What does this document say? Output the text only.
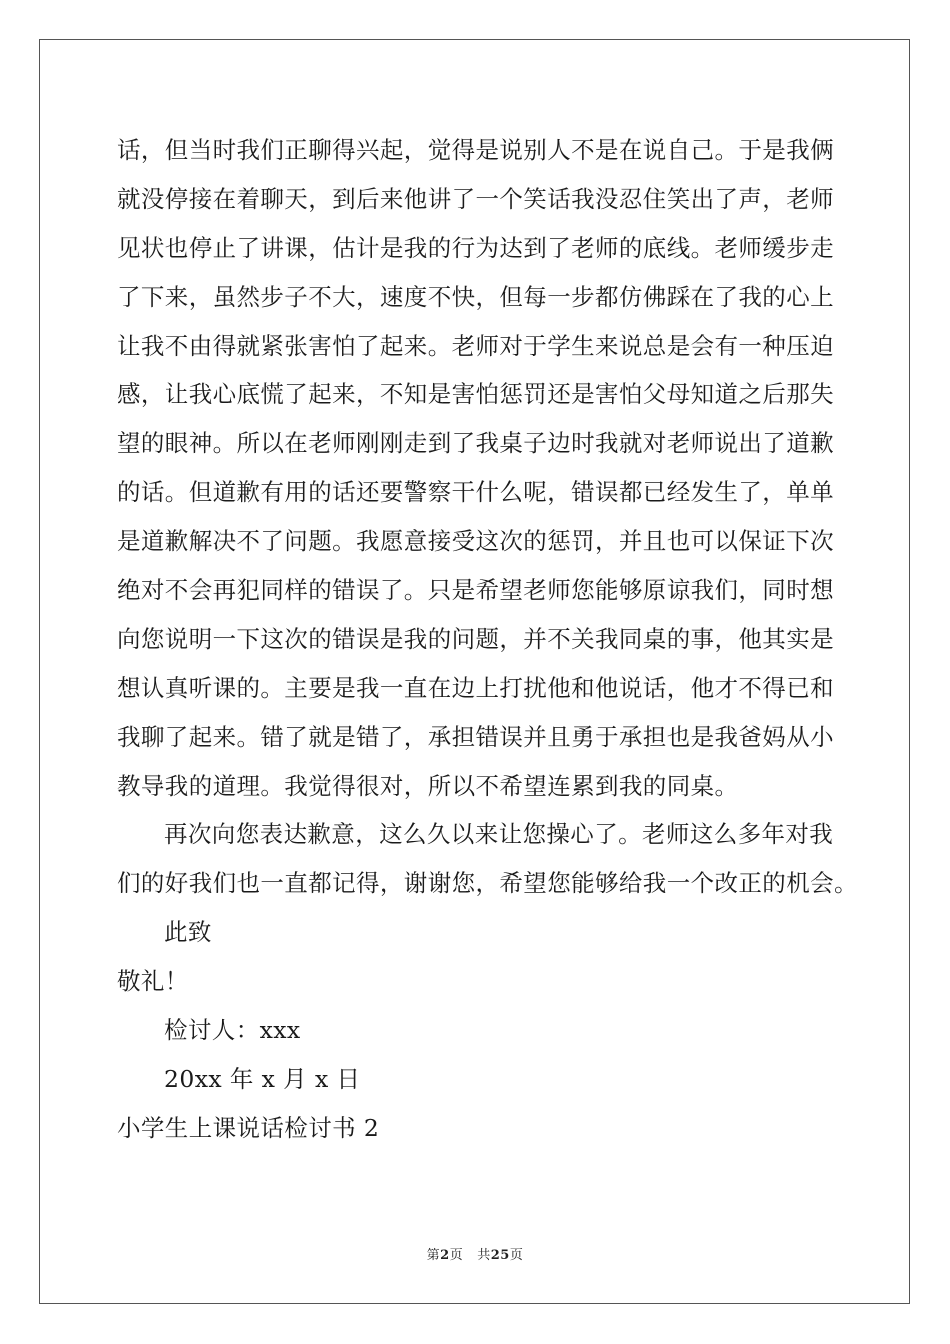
话，但当时我们正聊得兴起，觉得是说别人不是在说自己。于是我俩
就没停接在着聊天，到后来他讲了一个笑话我没忍住笑出了声，老师
见状也停止了讲课，估计是我的行为达到了老师的底线。老师缓步走
了下来，虽然步子不大，速度不快，但每一步都仿佛踩在了我的心上
让我不由得就紧张害怕了起来。老师对于学生来说总是会有一种压迫
感，让我心底慌了起来，不知是害怕惩罚还是害怕父母知道之后那失
望的眼神。所以在老师刚刚走到了我桌子边时我就对老师说出了道歉
的话。但道歉有用的话还要警察干什么呢，错误都已经发生了，单单
是道歉解决不了问题。我愿意接受这次的惩罚，并且也可以保证下次
绝对不会再犯同样的错误了。只是希望老师您能够原谅我们，同时想
向您说明一下这次的错误是我的问题，并不关我同桌的事，他其实是
想认真听课的。主要是我一直在边上打扰他和他说话，他才不得已和
我聊了起来。错了就是错了，承担错误并且勇于承担也是我爸妈从小
教导我的道理。我觉得很对，所以不希望连累到我的同桌。
再次向您表达歉意，这么久以来让您操心了。老师这么多年对我
们的好我们也一直都记得，谢谢您，希望您能够给我一个改正的机会。
此致
敬礼！
检讨人：xxx
20xx 年 x 月 x 日
小学生上课说话检讨书 2
第2页 共25页
